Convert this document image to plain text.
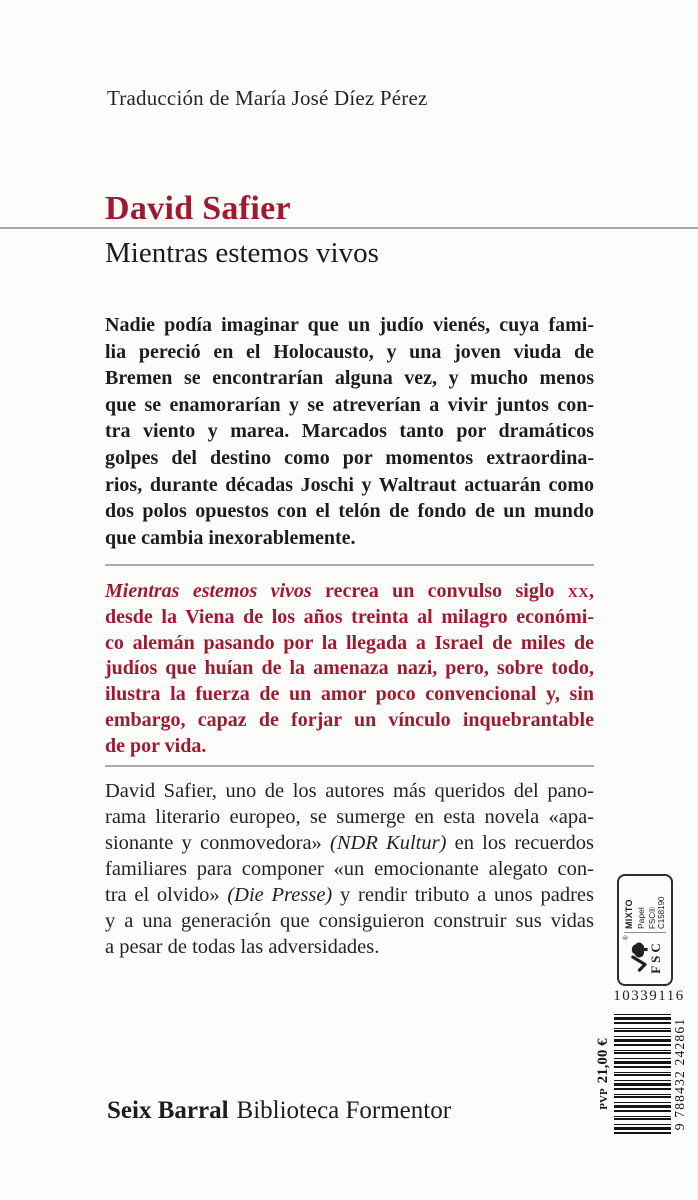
Traducción de María José Díez Pérez
David Safier
Mientras estemos vivos
Nadie podía imaginar que un judío vienés, cuya fami-
lia pereció en el Holocausto, y una joven viuda de
Bremen se encontrarían alguna vez, y mucho menos
que se enamorarían y se atreverían a vivir juntos con-
tra viento y marea. Marcados tanto por dramáticos
golpes del destino como por momentos extraordina-
rios, durante décadas Joschi y Waltraut actuarán como
dos polos opuestos con el telón de fondo de un mundo
que cambia inexorablemente.
Mientras estemos vivos recrea un convulso siglo xx,
desde la Viena de los años treinta al milagro económi-
co alemán pasando por la llegada a Israel de miles de
judíos que huían de la amenaza nazi, pero, sobre todo,
ilustra la fuerza de un amor poco convencional y, sin
embargo, capaz de forjar un vínculo inquebrantable
de por vida.
David Safier, uno de los autores más queridos del pano-
rama literario europeo, se sumerge en esta novela «apa-
sionante y conmovedora» (NDR Kultur) en los recuerdos
familiares para componer «un emocionante alegato con-
tra el olvido» (Die Presse) y rendir tributo a unos padres
y a una generación que consiguieron construir sus vidas
a pesar de todas las adversidades.
Seix Barral Biblioteca Formentor
®
FSC
MIXTO Papel FSC® C158190
10339116
PVP
21,00 €	9 788432 242861
